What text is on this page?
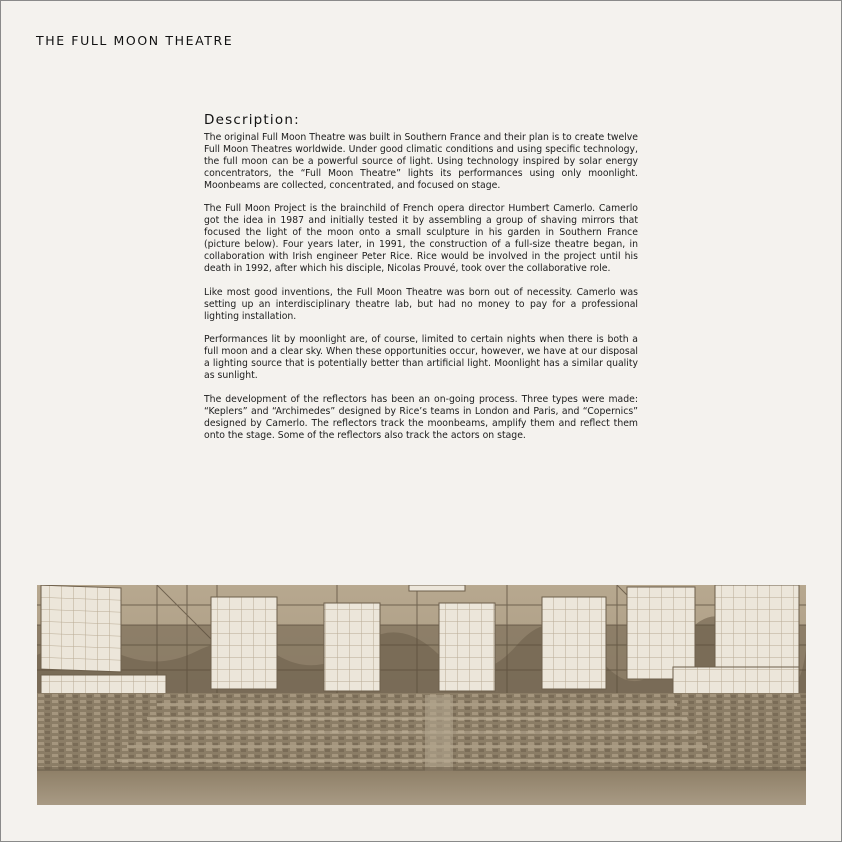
THE FULL MOON THEATRE
Description:

The original Full Moon Theatre was built in Southern France and their plan is to create twelve Full Moon Theatres worldwide. Under good climatic conditions and using specific technology, the full moon can be a powerful source of light. Using technology inspired by solar energy concentrators, the “Full Moon Theatre” lights its performances using only moonlight. Moonbeams are collected, concentrated, and focused on stage.

The Full Moon Project is the brainchild of French opera director Humbert Camerlo. Camerlo got the idea in 1987 and initially tested it by assembling a group of shaving mirrors that focused the light of the moon onto a small sculpture in his garden in Southern France (picture below). Four years later, in 1991, the construction of a full-size theatre began, in collaboration with Irish engineer Peter Rice. Rice would be involved in the project until his death in 1992, after which his disciple, Nicolas Prouvé, took over the collaborative role.

Like most good inventions, the Full Moon Theatre was born out of necessity. Camerlo was setting up an interdisciplinary theatre lab, but had no money to pay for a professional lighting installation.

Performances lit by moonlight are, of course, limited to certain nights when there is both a full moon and a clear sky. When these opportunities occur, however, we have at our disposal a lighting source that is potentially better than artificial light. Moonlight has a similar quality as sunlight.

The development of the reflectors has been an on-going process. Three types were made: “Keplers” and “Archimedes” designed by Rice’s teams in London and Paris, and “Copernics” designed by Camerlo. The reflectors track the moonbeams, amplify them and reflect them onto the stage. Some of the reflectors also track the actors on stage.
